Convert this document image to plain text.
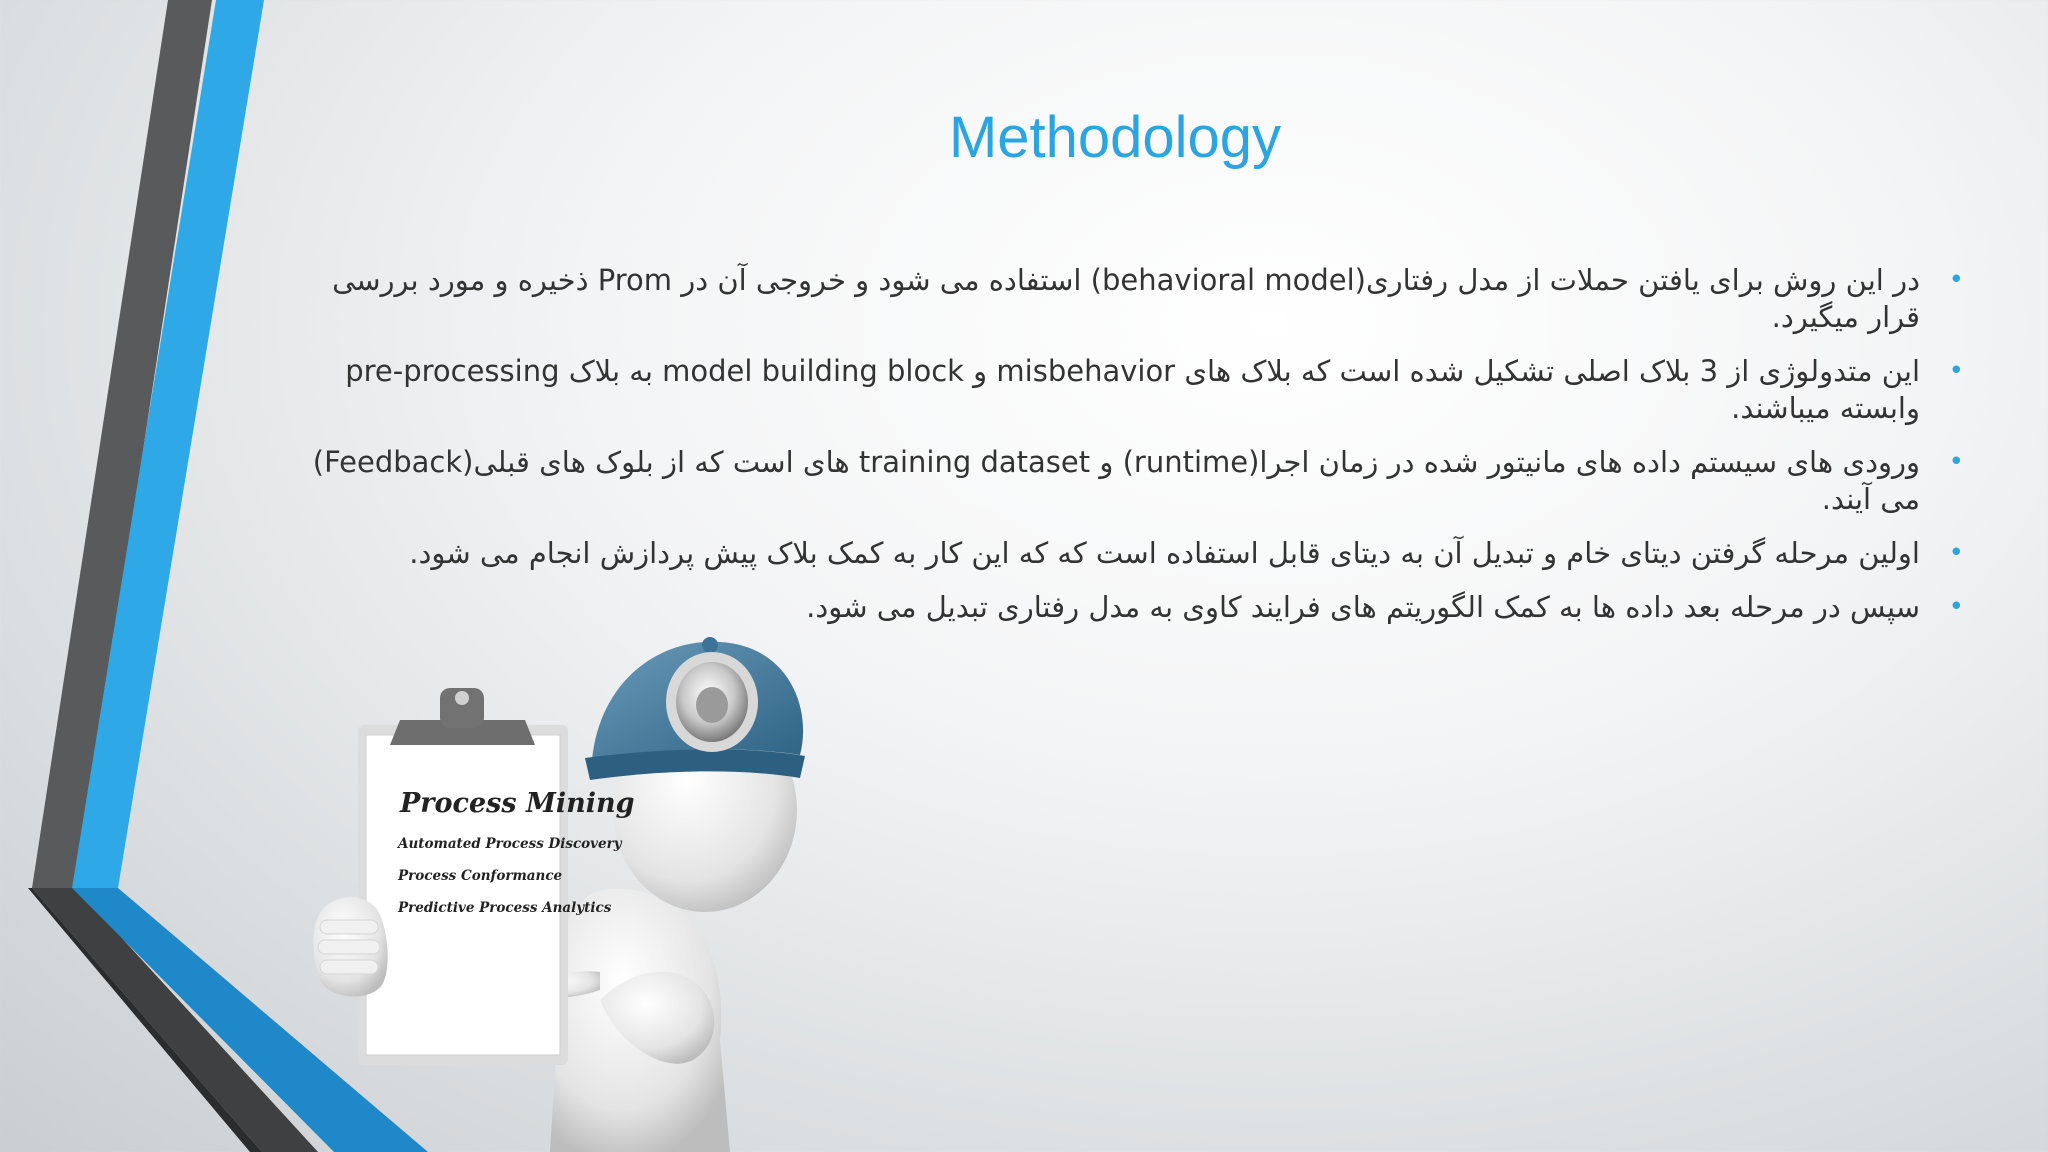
Methodology
•
در این روش برای یافتن حملات از مدل رفتاری(behavioral model) استفاده می شود و خروجی آن در Prom ذخیره و مورد بررسی قرار میگیرد.
•
این متدولوژی از 3 بلاک اصلی تشکیل شده است که بلاک های misbehavior و model building block به بلاک pre-processing وابسته میباشند.
•
ورودی های سیستم داده های مانیتور شده در زمان اجرا(runtime) و training dataset های است که از بلوک های قبلی(Feedback) می آیند.
•
اولین مرحله گرفتن دیتای خام و تبدیل آن به دیتای قابل استفاده است که که این کار به کمک بلاک پیش پردازش انجام می شود.
•
سپس در مرحله بعد داده ها به کمک الگوریتم های فرایند کاوی به مدل رفتاری تبدیل می شود.
Process Mining
Automated Process Discovery
Process Conformance
Predictive Process Analytics
